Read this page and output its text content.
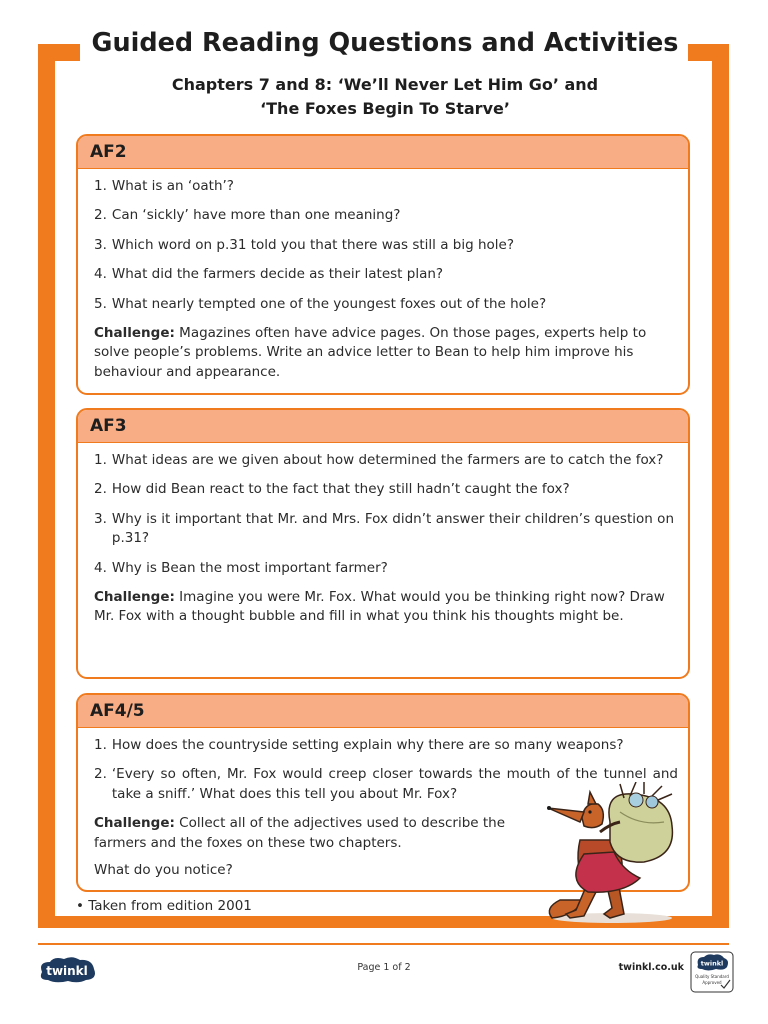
Guided Reading Questions and Activities
Chapters 7 and 8: ‘We’ll Never Let Him Go’ and
‘The Foxes Begin To Starve’
AF2
1. What is an ‘oath’?
2. Can ‘sickly’ have more than one meaning?
3. Which word on p.31 told you that there was still a big hole?
4. What did the farmers decide as their latest plan?
5. What nearly tempted one of the youngest foxes out of the hole?
Challenge: Magazines often have advice pages. On those pages, experts help to solve people’s problems. Write an advice letter to Bean to help him improve his behaviour and appearance.
AF3
1. What ideas are we given about how determined the farmers are to catch the fox?
2. How did Bean react to the fact that they still hadn’t caught the fox?
3. Why is it important that Mr. and Mrs. Fox didn’t answer their children’s question on p.31?
4. Why is Bean the most important farmer?
Challenge: Imagine you were Mr. Fox. What would you be thinking right now? Draw Mr. Fox with a thought bubble and fill in what you think his thoughts might be.
AF4/5
1. How does the countryside setting explain why there are so many weapons?
2. ‘Every so often, Mr. Fox would creep closer towards the mouth of the tunnel and take a sniff.’ What does this tell you about Mr. Fox?
Challenge: Collect all of the adjectives used to describe the farmers and the foxes on these two chapters.
What do you notice?
• Taken from edition 2001
twinkl	Page 1 of 2	twinkl.co.uk	twinkl
Quality Standard
Approved
